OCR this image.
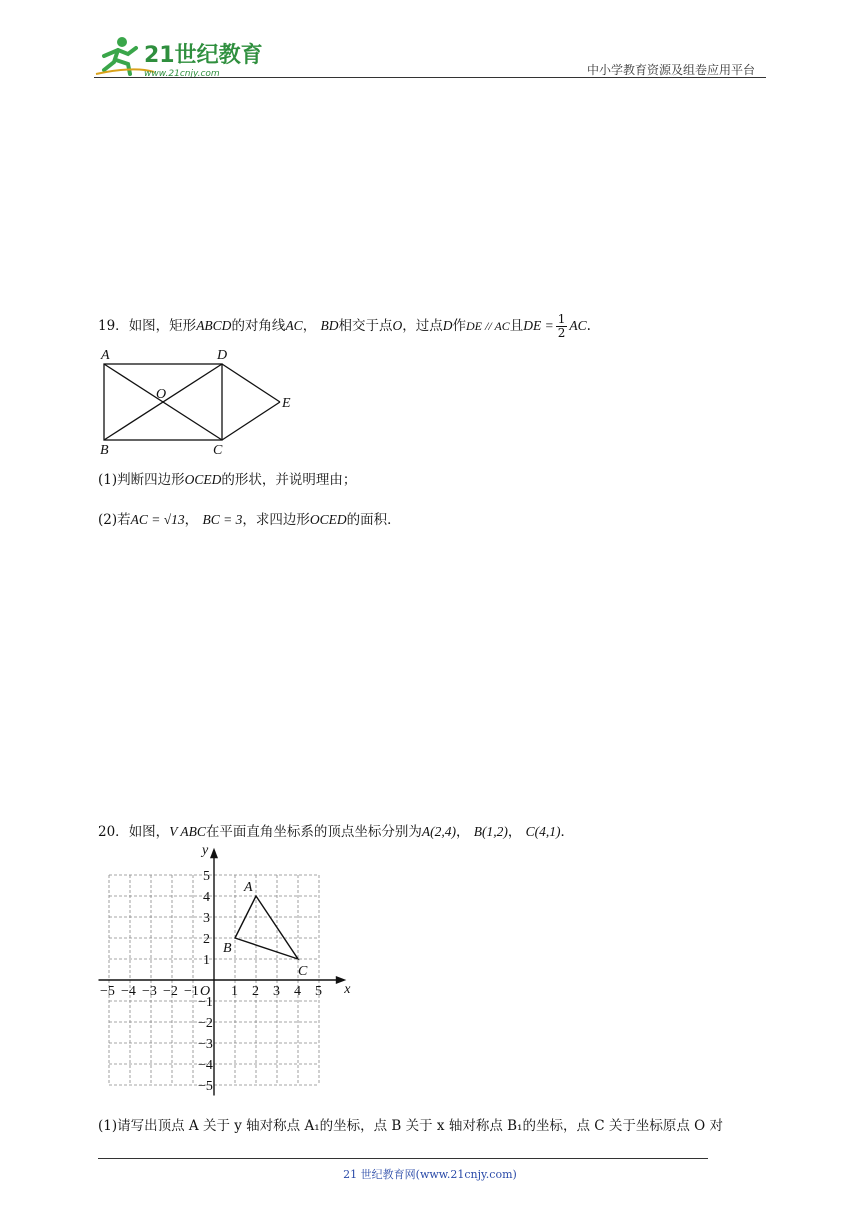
21世纪教育
www.21cnjy.com	中小学教育资源及组卷应用平台
19．如图，矩形ABCD的对角线AC， BD相交于点O，过点D作DE // AC且DE = $\frac{1}{2}$ AC.
A	D
O
E
B	C
(1)判断四边形OCED的形状，并说明理由；
(2)若AC = √13， BC = 3，求四边形OCED的面积．
20．如图，V ABC在平面直角坐标系的顶点坐标分别为A(2,4)， B(1,2)， C(4,1)．
x
y
O
−5 −4 −3 −2 −1 1 2 3 4 5
5
4
3
2
1
−1
−2
−3
−4
−5
A
B
C
(1)请写出顶点 A 关于 y 轴对称点 A₁的坐标，点 B 关于 x 轴对称点 B₁的坐标，点 C 关于坐标原点 O 对
21 世纪教育网(www.21cnjy.com)
